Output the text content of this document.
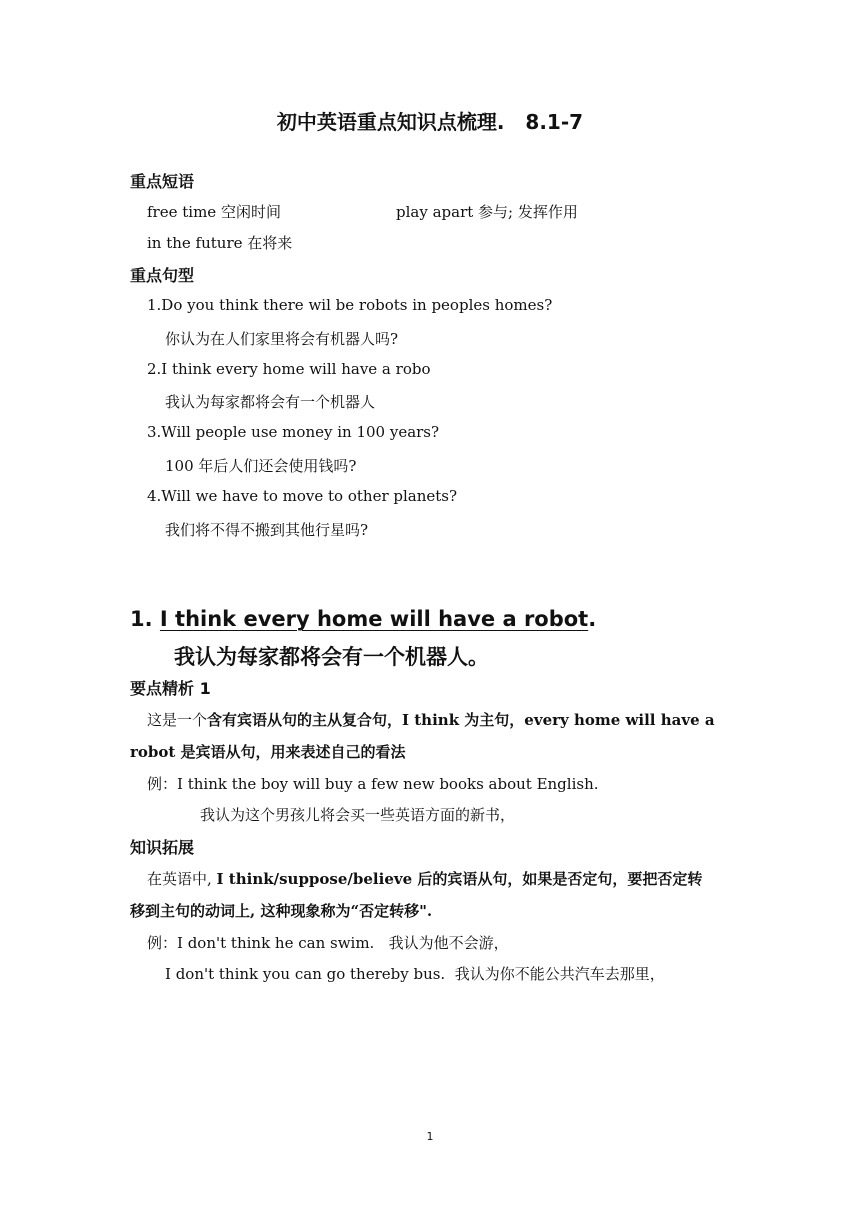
初中英语重点知识点梳理.   8.1-7
重点短语
free time 空闲时间	play apart 参与; 发挥作用
in the future 在将来
重点句型
1.Do you think there wil be robots in peoples homes?
你认为在人们家里将会有机器人吗?
2.I think every home will have a robo
我认为每家都将会有一个机器人
3.Will people use money in 100 years?
100 年后人们还会使用钱吗?
4.Will we have to move to other planets?
我们将不得不搬到其他行星吗?
1. I think every home will have a robot.
我认为每家都将会有一个机器人。
要点精析 1
这是一个含有宾语从句的主从复合句，I think 为主句，every home will have a
robot 是宾语从句，用来表述自己的看法
例：I think the boy will buy a few new books about English.
我认为这个男孩儿将会买一些英语方面的新书，
知识拓展
在英语中, I think/suppose/believe 后的宾语从句，如果是否定句，要把否定转
移到主句的动词上, 这种现象称为“否定转移".
例：I don't think he can swim.   我认为他不会游，
I don't think you can go thereby bus.  我认为你不能公共汽车去那里，
1
